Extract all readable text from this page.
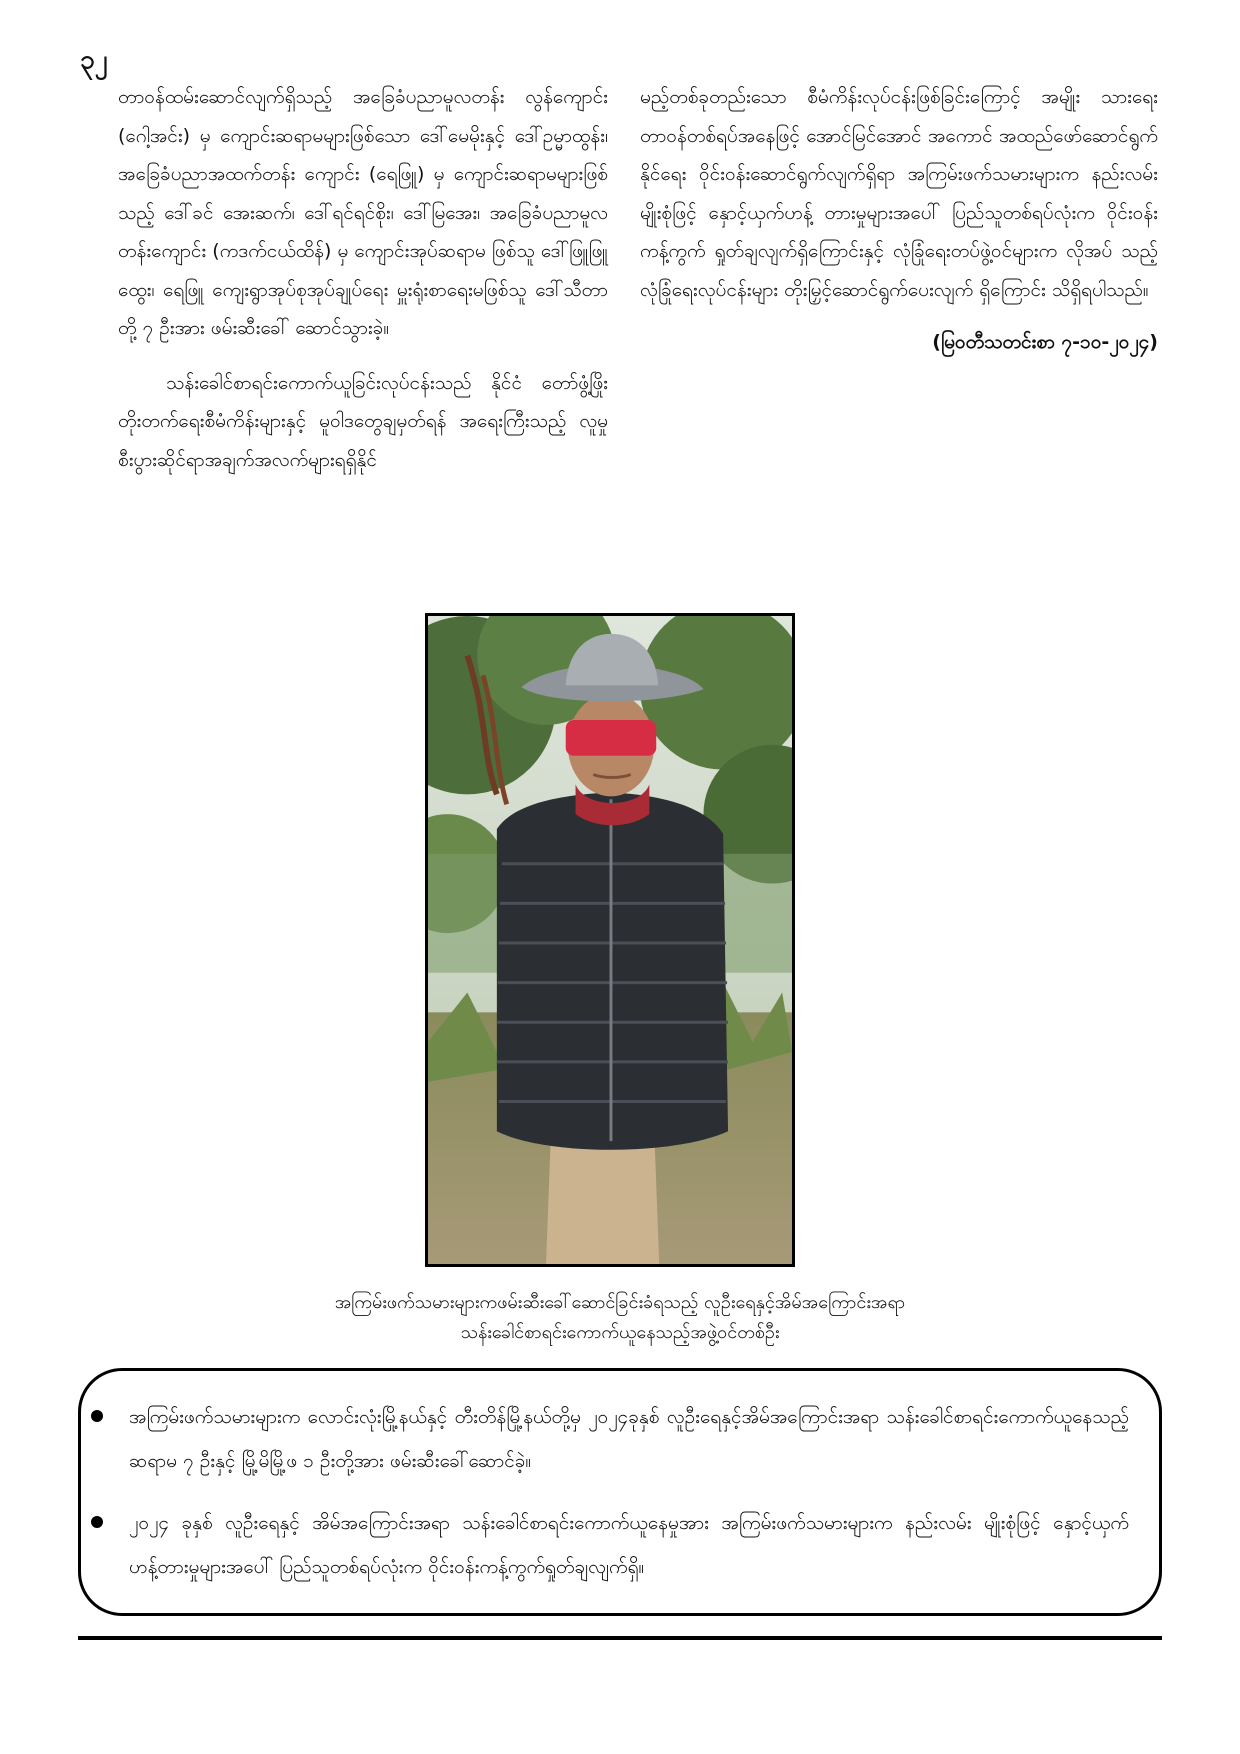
၃၂

တာဝန်ထမ်းဆောင်လျက်ရှိသည့် အခြေခံပညာမူလတန်း လွန်ကျောင်း (ဂေါ့အင်း) မှ ကျောင်းဆရာမများဖြစ်သော ဒေါ်မေမိုးနှင့် ဒေါ်ဥမ္မာထွန်း၊ အခြေခံပညာအထက်တန်း ကျောင်း (ရေဖြူ) မှ ကျောင်းဆရာမများဖြစ်သည့် ဒေါ်ခင် အေးဆက်၊ ဒေါ်ရင်ရင်စိုး၊ ဒေါ်မြအေး၊ အခြေခံပညာမူလ တန်းကျောင်း (ကဒက်ငယ်ထိန်) မှ ကျောင်းအုပ်ဆရာမ ဖြစ်သူ ဒေါ်ဖြူဖြူထွေး၊ ရေဖြူ ကျေးရွာအုပ်စုအုပ်ချုပ်ရေး မှူးရုံးစာရေးမဖြစ်သူ ဒေါ်သီတာတို့ ၇ ဦးအား ဖမ်းဆီးခေါ် ဆောင်သွားခဲ့။

သန်းခေါင်စာရင်းကောက်ယူခြင်းလုပ်ငန်းသည် နိုင်ငံ တော်ဖွံ့ဖြိုးတိုးတက်ရေးစီမံကိန်းများနှင့် မူဝါဒတွေချမှတ်ရန် အရေးကြီးသည့် လူမှုစီးပွားဆိုင်ရာအချက်အလက်များရရှိနိုင်

မည့်တစ်ခုတည်းသော စီမံကိန်းလုပ်ငန်းဖြစ်ခြင်းကြောင့် အမျိုး သားရေးတာဝန်တစ်ရပ်အနေဖြင့် အောင်မြင်အောင် အကောင် အထည်ဖော်ဆောင်ရွက်နိုင်ရေး ဝိုင်းဝန်းဆောင်ရွက်လျက်ရှိရာ အကြမ်းဖက်သမားများက နည်းလမ်းမျိုးစုံဖြင့် နှောင့်ယှက်ဟန့် တားမှုများအပေါ် ပြည်သူတစ်ရပ်လုံးက ဝိုင်းဝန်းကန့်ကွက် ရှုတ်ချလျက်ရှိကြောင်းနှင့် လုံခြုံရေးတပ်ဖွဲ့ဝင်များက လိုအပ် သည့်လုံခြုံရေးလုပ်ငန်းများ တိုးမြှင့်ဆောင်ရွက်ပေးလျက် ရှိကြောင်း သိရှိရပါသည်။

(မြဝတီသတင်းစာ ၇-၁၀-၂၀၂၄)

အကြမ်းဖက်သမားများကဖမ်းဆီးခေါ်ဆောင်ခြင်းခံရသည့် လူဦးရေနှင့်အိမ်အကြောင်းအရာ

သန်းခေါင်စာရင်းကောက်ယူနေသည့်အဖွဲ့ဝင်တစ်ဦး

အကြမ်းဖက်သမားများက လောင်းလုံးမြို့နယ်နှင့် တီးတိန်မြို့နယ်တို့မှ ၂၀၂၄ခုနှစ် လူဦးရေနှင့်အိမ်အကြောင်းအရာ သန်းခေါင်စာရင်းကောက်ယူနေသည့် ဆရာမ ၇ ဦးနှင့် မြို့မိမြို့ဖ ၁ ဦးတို့အား ဖမ်းဆီးခေါ်ဆောင်ခဲ့။
၂၀၂၄ ခုနှစ် လူဦးရေနှင့် အိမ်အကြောင်းအရာ သန်းခေါင်စာရင်းကောက်ယူနေမှုအား အကြမ်းဖက်သမားများက နည်းလမ်း မျိုးစုံဖြင့် နှောင့်ယှက်ဟန့်တားမှုများအပေါ် ပြည်သူတစ်ရပ်လုံးက ဝိုင်းဝန်းကန့်ကွက်ရှုတ်ချလျက်ရှိ။
